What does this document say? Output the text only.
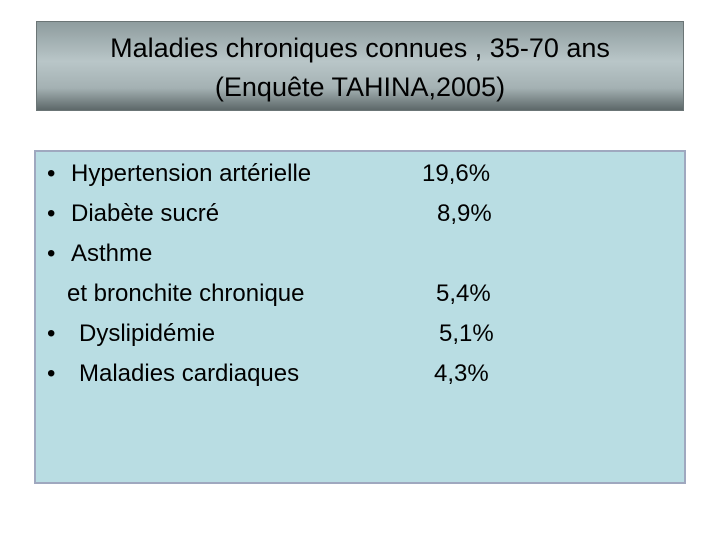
Maladies chroniques connues , 35-70 ans
(Enquête TAHINA,2005)
• Hypertension artérielle	19,6%
• Diabète sucré	8,9%
• Asthme
et bronchite chronique	5,4%
• Dyslipidémie	5,1%
• Maladies cardiaques	4,3%
